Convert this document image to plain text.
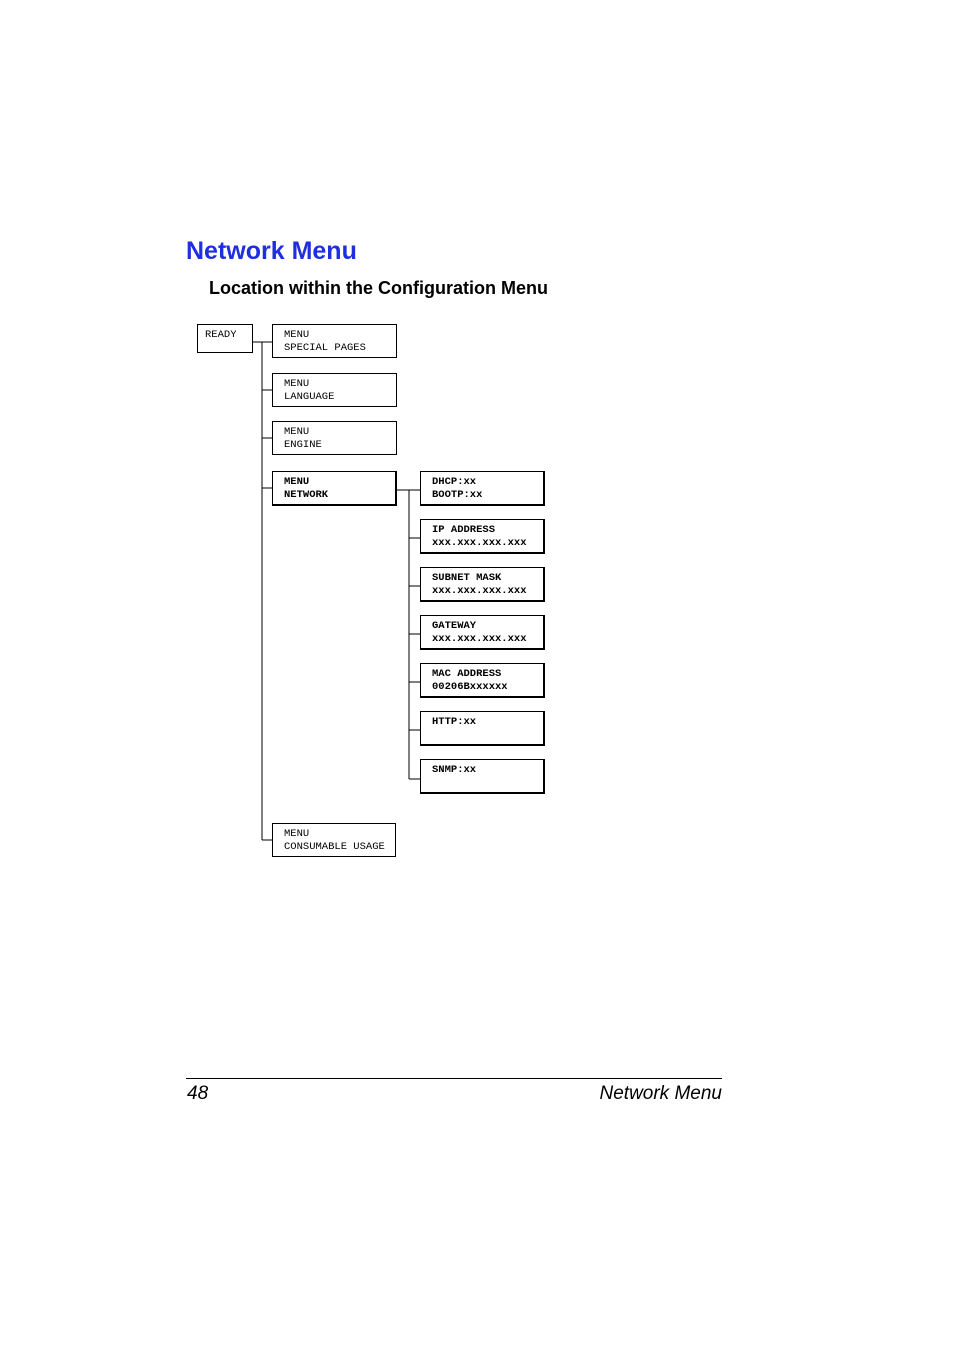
Network Menu
Location within the Configuration Menu
READY	MENU
SPECIAL PAGES
MENU
LANGUAGE
MENU
ENGINE
MENU
NETWORK
MENU
CONSUMABLE USAGE
DHCP:xx
BOOTP:xx
IP ADDRESS
xxx.xxx.xxx.xxx
SUBNET MASK
xxx.xxx.xxx.xxx
GATEWAY
xxx.xxx.xxx.xxx
MAC ADDRESS
00206Bxxxxxx
HTTP:xx
SNMP:xx

48	Network Menu
